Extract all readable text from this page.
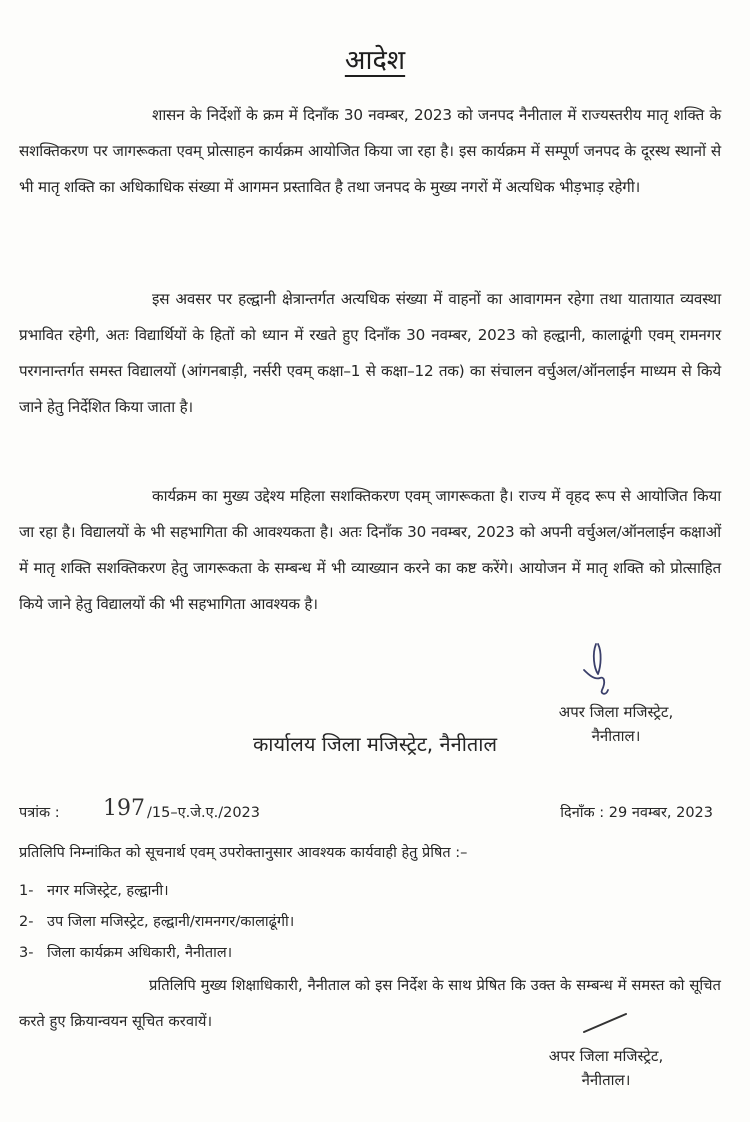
आदेश

शासन के निर्देशों के क्रम में दिनाँक 30 नवम्बर, 2023 को जनपद नैनीताल में राज्यस्तरीय मातृ शक्ति के सशक्तिकरण पर जागरूकता एवम् प्रोत्साहन कार्यक्रम आयोजित किया जा रहा है। इस कार्यक्रम में सम्पूर्ण जनपद के दूरस्थ स्थानों से भी मातृ शक्ति का अधिकाधिक संख्या में आगमन प्रस्तावित है तथा जनपद के मुख्य नगरों में अत्यधिक भीड़भाड़ रहेगी।

इस अवसर पर हल्द्वानी क्षेत्रान्तर्गत अत्यधिक संख्या में वाहनों का आवागमन रहेगा तथा यातायात व्यवस्था प्रभावित रहेगी, अतः विद्यार्थियों के हितों को ध्यान में रखते हुए दिनाँक 30 नवम्बर, 2023 को हल्द्वानी, कालाढूंगी एवम् रामनगर परगनान्तर्गत समस्त विद्यालयों (आंगनबाड़ी, नर्सरी एवम् कक्षा–1 से कक्षा–12 तक) का संचालन वर्चुअल/ऑनलाईन माध्यम से किये जाने हेतु निर्देशित किया जाता है।

कार्यक्रम का मुख्य उद्देश्य महिला सशक्तिकरण एवम् जागरूकता है। राज्य में वृहद रूप से आयोजित किया जा रहा है। विद्यालयों के भी सहभागिता की आवश्यकता है। अतः दिनाँक 30 नवम्बर, 2023 को अपनी वर्चुअल/ऑनलाईन कक्षाओं में मातृ शक्ति सशक्तिकरण हेतु जागरूकता के सम्बन्ध में भी व्याख्यान करने का कष्ट करेंगे। आयोजन में मातृ शक्ति को प्रोत्साहित किये जाने हेतु विद्यालयों की भी सहभागिता आवश्यक है।

अपर जिला मजिस्ट्रेट,
नैनीताल।
कार्यालय जिला मजिस्ट्रेट, नैनीताल
पत्रांक : 197 /15–ए.जे.ए./2023	दिनाँक : 29 नवम्बर, 2023
प्रतिलिपि निम्नांकित को सूचनार्थ एवम् उपरोक्तानुसार आवश्यक कार्यवाही हेतु प्रेषित :–
1- नगर मजिस्ट्रेट, हल्द्वानी।
2- उप जिला मजिस्ट्रेट, हल्द्वानी/रामनगर/कालाढूंगी।
3- जिला कार्यक्रम अधिकारी, नैनीताल।

प्रतिलिपि मुख्य शिक्षाधिकारी, नैनीताल को इस निर्देश के साथ प्रेषित कि उक्त के सम्बन्ध में समस्त को सूचित करते हुए क्रियान्वयन सूचित करवायें।

अपर जिला मजिस्ट्रेट,
नैनीताल।
